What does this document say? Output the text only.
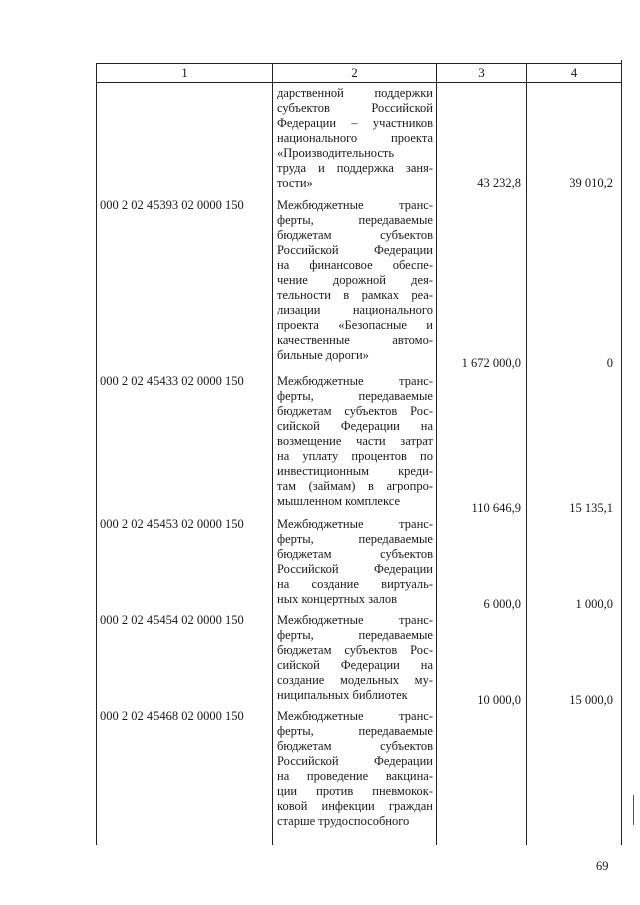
1	2	3	4
дарственной поддержки
субъектов Российской
Федерации – участников
национального проекта
«Производительность
труда и поддержка заня-
тости»	43 232,8	39 010,2
000 2 02 45393 02 0000 150	Межбюджетные транс-
ферты, передаваемые
бюджетам субъектов
Российской Федерации
на финансовое обеспе-
чение дорожной дея-
тельности в рамках реа-
лизации национального
проекта «Безопасные и
качественные автомо-
бильные дороги»
1 672 000,0	0
000 2 02 45433 02 0000 150	Межбюджетные транс-
ферты, передаваемые
бюджетам субъектов Рос-
сийской Федерации на
возмещение части затрат
на уплату процентов по
инвестиционным креди-
там (займам) в агропро-
мышленном комплексе	110 646,9	15 135,1
000 2 02 45453 02 0000 150	Межбюджетные транс-
ферты, передаваемые
бюджетам субъектов
Российской Федерации
на создание виртуаль-
ных концертных залов	6 000,0	1 000,0
000 2 02 45454 02 0000 150	Межбюджетные транс-
ферты, передаваемые
бюджетам субъектов Рос-
сийской Федерации на
создание модельных му-
ниципальных библиотек	10 000,0	15 000,0
000 2 02 45468 02 0000 150	Межбюджетные транс-
ферты, передаваемые
бюджетам субъектов
Российской Федерации
на проведение вакцина-
ции против пневмокок-
ковой инфекции граждан
старше трудоспособного
69
